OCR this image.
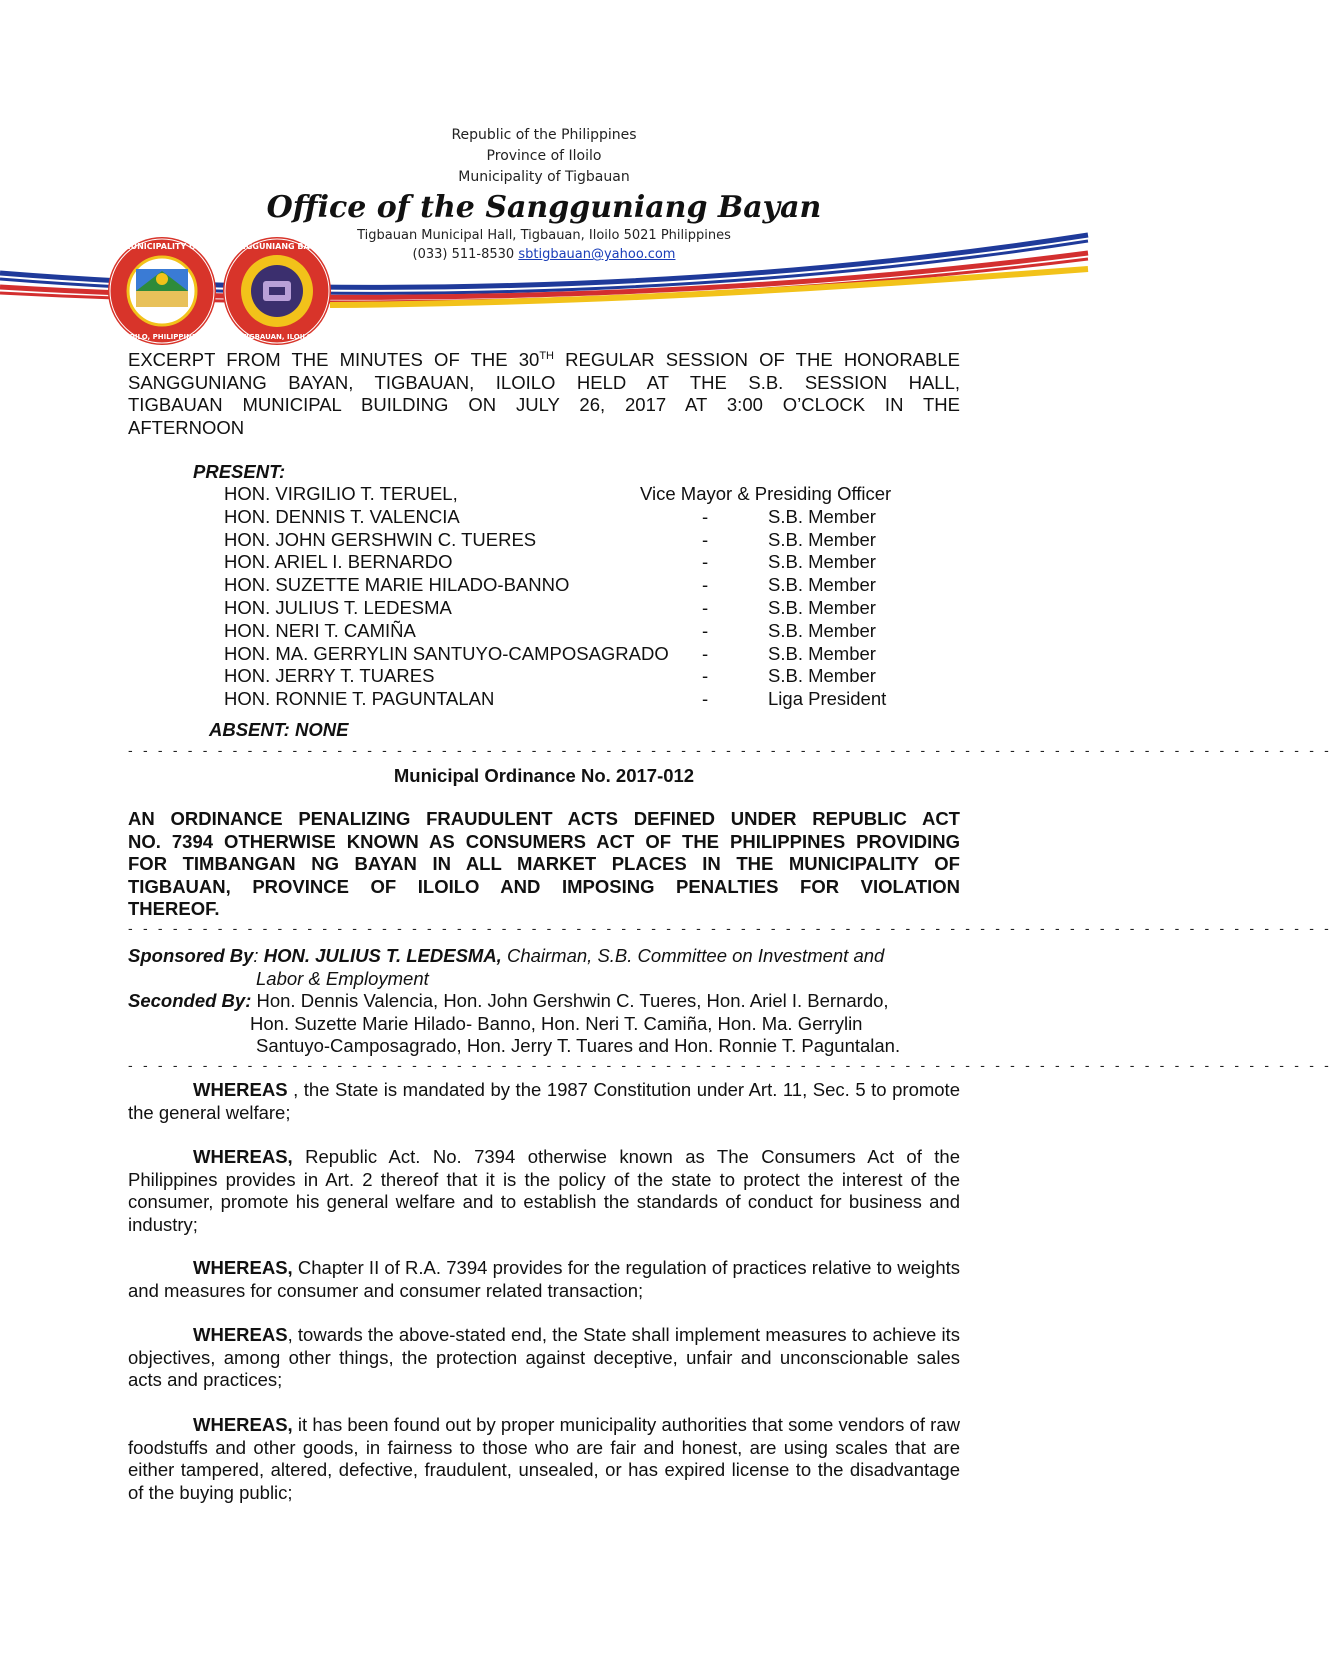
Republic of the Philippines
Province of Iloilo
Municipality of Tigbauan
Office of the Sangguniang Bayan
Tigbauan Municipal Hall, Tigbauan, Iloilo 5021 Philippines
(033) 511-8530 sbtigbauan@yahoo.com
MUNICIPALITY OF
ILOILO, PHILIPPINES
SANGGUNIANG BAYAN
TIGBAUAN, ILOILO
EXCERPT FROM THE MINUTES OF THE 30TH REGULAR SESSION OF THE HONORABLE
SANGGUNIANG BAYAN, TIGBAUAN, ILOILO HELD AT THE S.B. SESSION HALL,
TIGBAUAN MUNICIPAL BUILDING ON JULY 26, 2017 AT 3:00 O’CLOCK IN THE
AFTERNOON
PRESENT:
HON. VIRGILIO T. TERUEL,	Vice Mayor & Presiding Officer
HON. DENNIS T. VALENCIA	-	S.B. Member
HON. JOHN GERSHWIN C. TUERES	-	S.B. Member
HON. ARIEL I. BERNARDO	-	S.B. Member
HON. SUZETTE MARIE HILADO-BANNO	-	S.B. Member
HON. JULIUS T. LEDESMA	-	S.B. Member
HON. NERI T. CAMIÑA	-	S.B. Member
HON. MA. GERRYLIN SANTUYO-CAMPOSAGRADO -	S.B. Member
HON. JERRY T. TUARES	-	S.B. Member
HON. RONNIE T. PAGUNTALAN	-	Liga President
ABSENT: NONE
- - - - - - - - - - - - - - - - - - - - - - - - - - - - - - - - - - - - - - - - - - - - - - - - - - - - - - - - - - - - - - - - - - - - - - - - - - - - - - - - -
Municipal Ordinance No. 2017-012
AN ORDINANCE PENALIZING FRAUDULENT ACTS DEFINED UNDER REPUBLIC ACT
NO. 7394 OTHERWISE KNOWN AS CONSUMERS ACT OF THE PHILIPPINES PROVIDING
FOR TIMBANGAN NG BAYAN IN ALL MARKET PLACES IN THE MUNICIPALITY OF
TIGBAUAN, PROVINCE OF ILOILO AND IMPOSING PENALTIES FOR VIOLATION
THEREOF.
- - - - - - - - - - - - - - - - - - - - - - - - - - - - - - - - - - - - - - - - - - - - - - - - - - - - - - - - - - - - - - - - - - - - - - - - - - - - - - - - -
Sponsored By: HON. JULIUS T. LEDESMA, Chairman, S.B. Committee on Investment and
Labor & Employment
Seconded By: Hon. Dennis Valencia, Hon. John Gershwin C. Tueres, Hon. Ariel I. Bernardo,
Hon. Suzette Marie Hilado- Banno, Hon. Neri T. Camiña, Hon. Ma. Gerrylin
Santuyo-Camposagrado, Hon. Jerry T. Tuares and Hon. Ronnie T. Paguntalan.
- - - - - - - - - - - - - - - - - - - - - - - - - - - - - - - - - - - - - - - - - - - - - - - - - - - - - - - - - - - - - - - - - - - - - - - - - - - - - - - - -
WHEREAS , the State is mandated by the 1987 Constitution under Art. 11, Sec. 5 to promote the general welfare;
WHEREAS, Republic Act. No. 7394 otherwise known as The Consumers Act of the Philippines provides in Art. 2 thereof that it is the policy of the state to protect the interest of the consumer, promote his general welfare and to establish the standards of conduct for business and industry;
WHEREAS, Chapter II of R.A. 7394 provides for the regulation of practices relative to weights and measures for consumer and consumer related transaction;
WHEREAS, towards the above-stated end, the State shall implement measures to achieve its objectives, among other things, the protection against deceptive, unfair and unconscionable sales acts and practices;
WHEREAS, it has been found out by proper municipality authorities that some vendors of raw foodstuffs and other goods, in fairness to those who are fair and honest, are using scales that are either tampered, altered, defective, fraudulent, unsealed, or has expired license to the disadvantage of the buying public;
